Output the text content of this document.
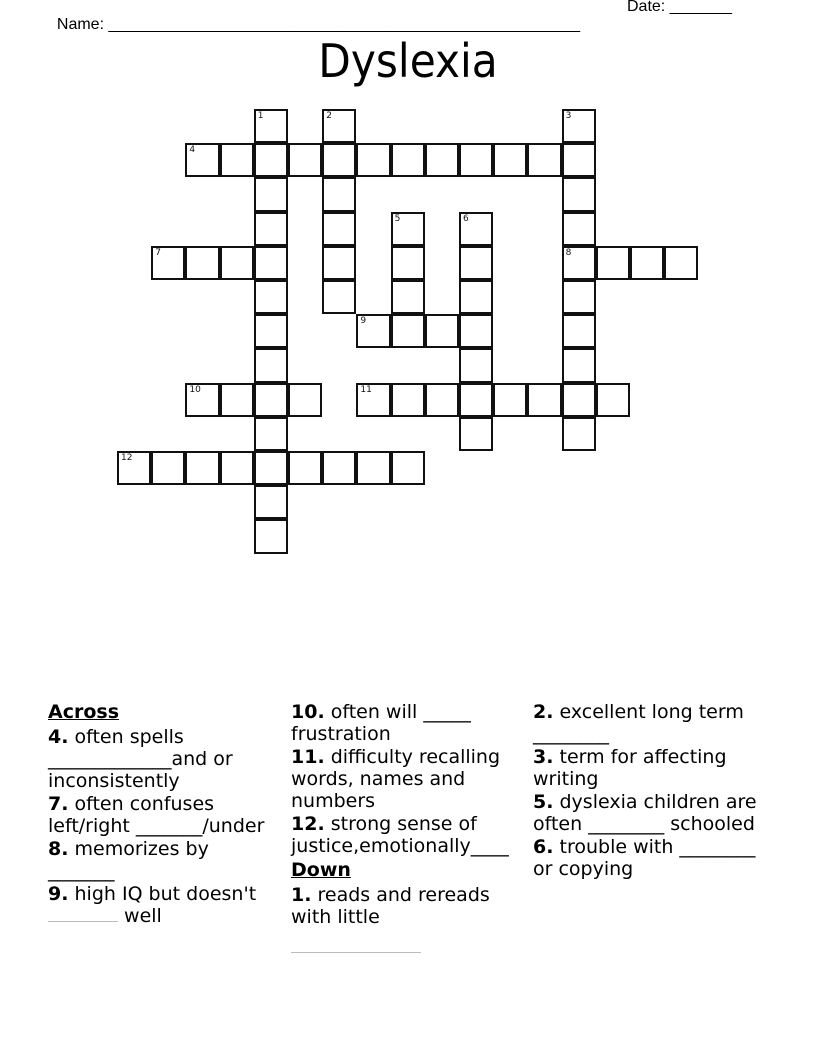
Name: _____________________________________________________

Date: _______

Dyslexia
1	2	3
8
4
5	6
7
9
10	11
12
Across
4. often spells _____________and or inconsistently
7. often confuses left/right _______/under
8. memorizes by _______
9. high IQ but doesn't  well
10. often will _____ frustration
11. difficulty recalling words, names and numbers
12. strong sense of justice,emotionally____
Down
1. reads and rereads with little

2. excellent long term ________
3. term for affecting writing
5. dyslexia children are often ________ schooled
6. trouble with ________ or copying
